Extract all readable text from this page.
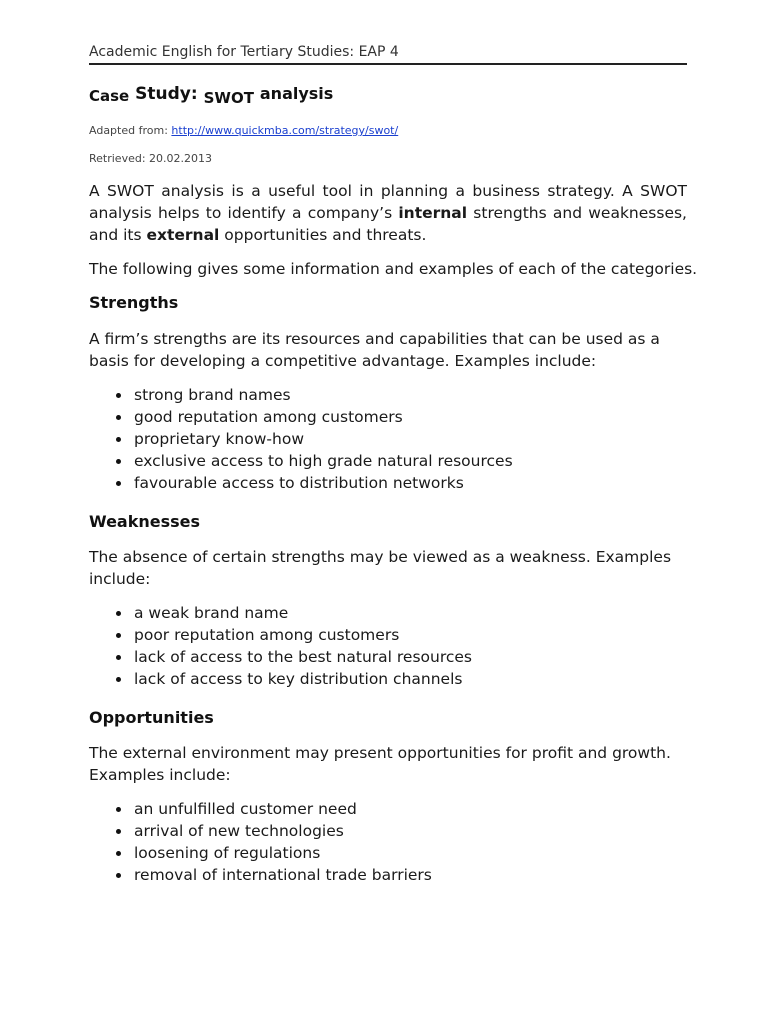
Academic English for Tertiary Studies: EAP 4
Case Study: SWOT analysis
Adapted from: http://www.quickmba.com/strategy/swot/
Retrieved: 20.02.2013
A SWOT analysis is a useful tool in planning a business strategy. A SWOT
analysis helps to identify a company’s internal strengths and weaknesses,
and its external opportunities and threats.
The following gives some information and examples of each of the categories.
Strengths
A firm’s strengths are its resources and capabilities that can be used as a
basis for developing a competitive advantage. Examples include:
strong brand names
good reputation among customers
proprietary know-how
exclusive access to high grade natural resources
favourable access to distribution networks
Weaknesses
The absence of certain strengths may be viewed as a weakness. Examples
include:
a weak brand name
poor reputation among customers
lack of access to the best natural resources
lack of access to key distribution channels
Opportunities
The external environment may present opportunities for profit and growth.
Examples include:
an unfulfilled customer need
arrival of new technologies
loosening of regulations
removal of international trade barriers
